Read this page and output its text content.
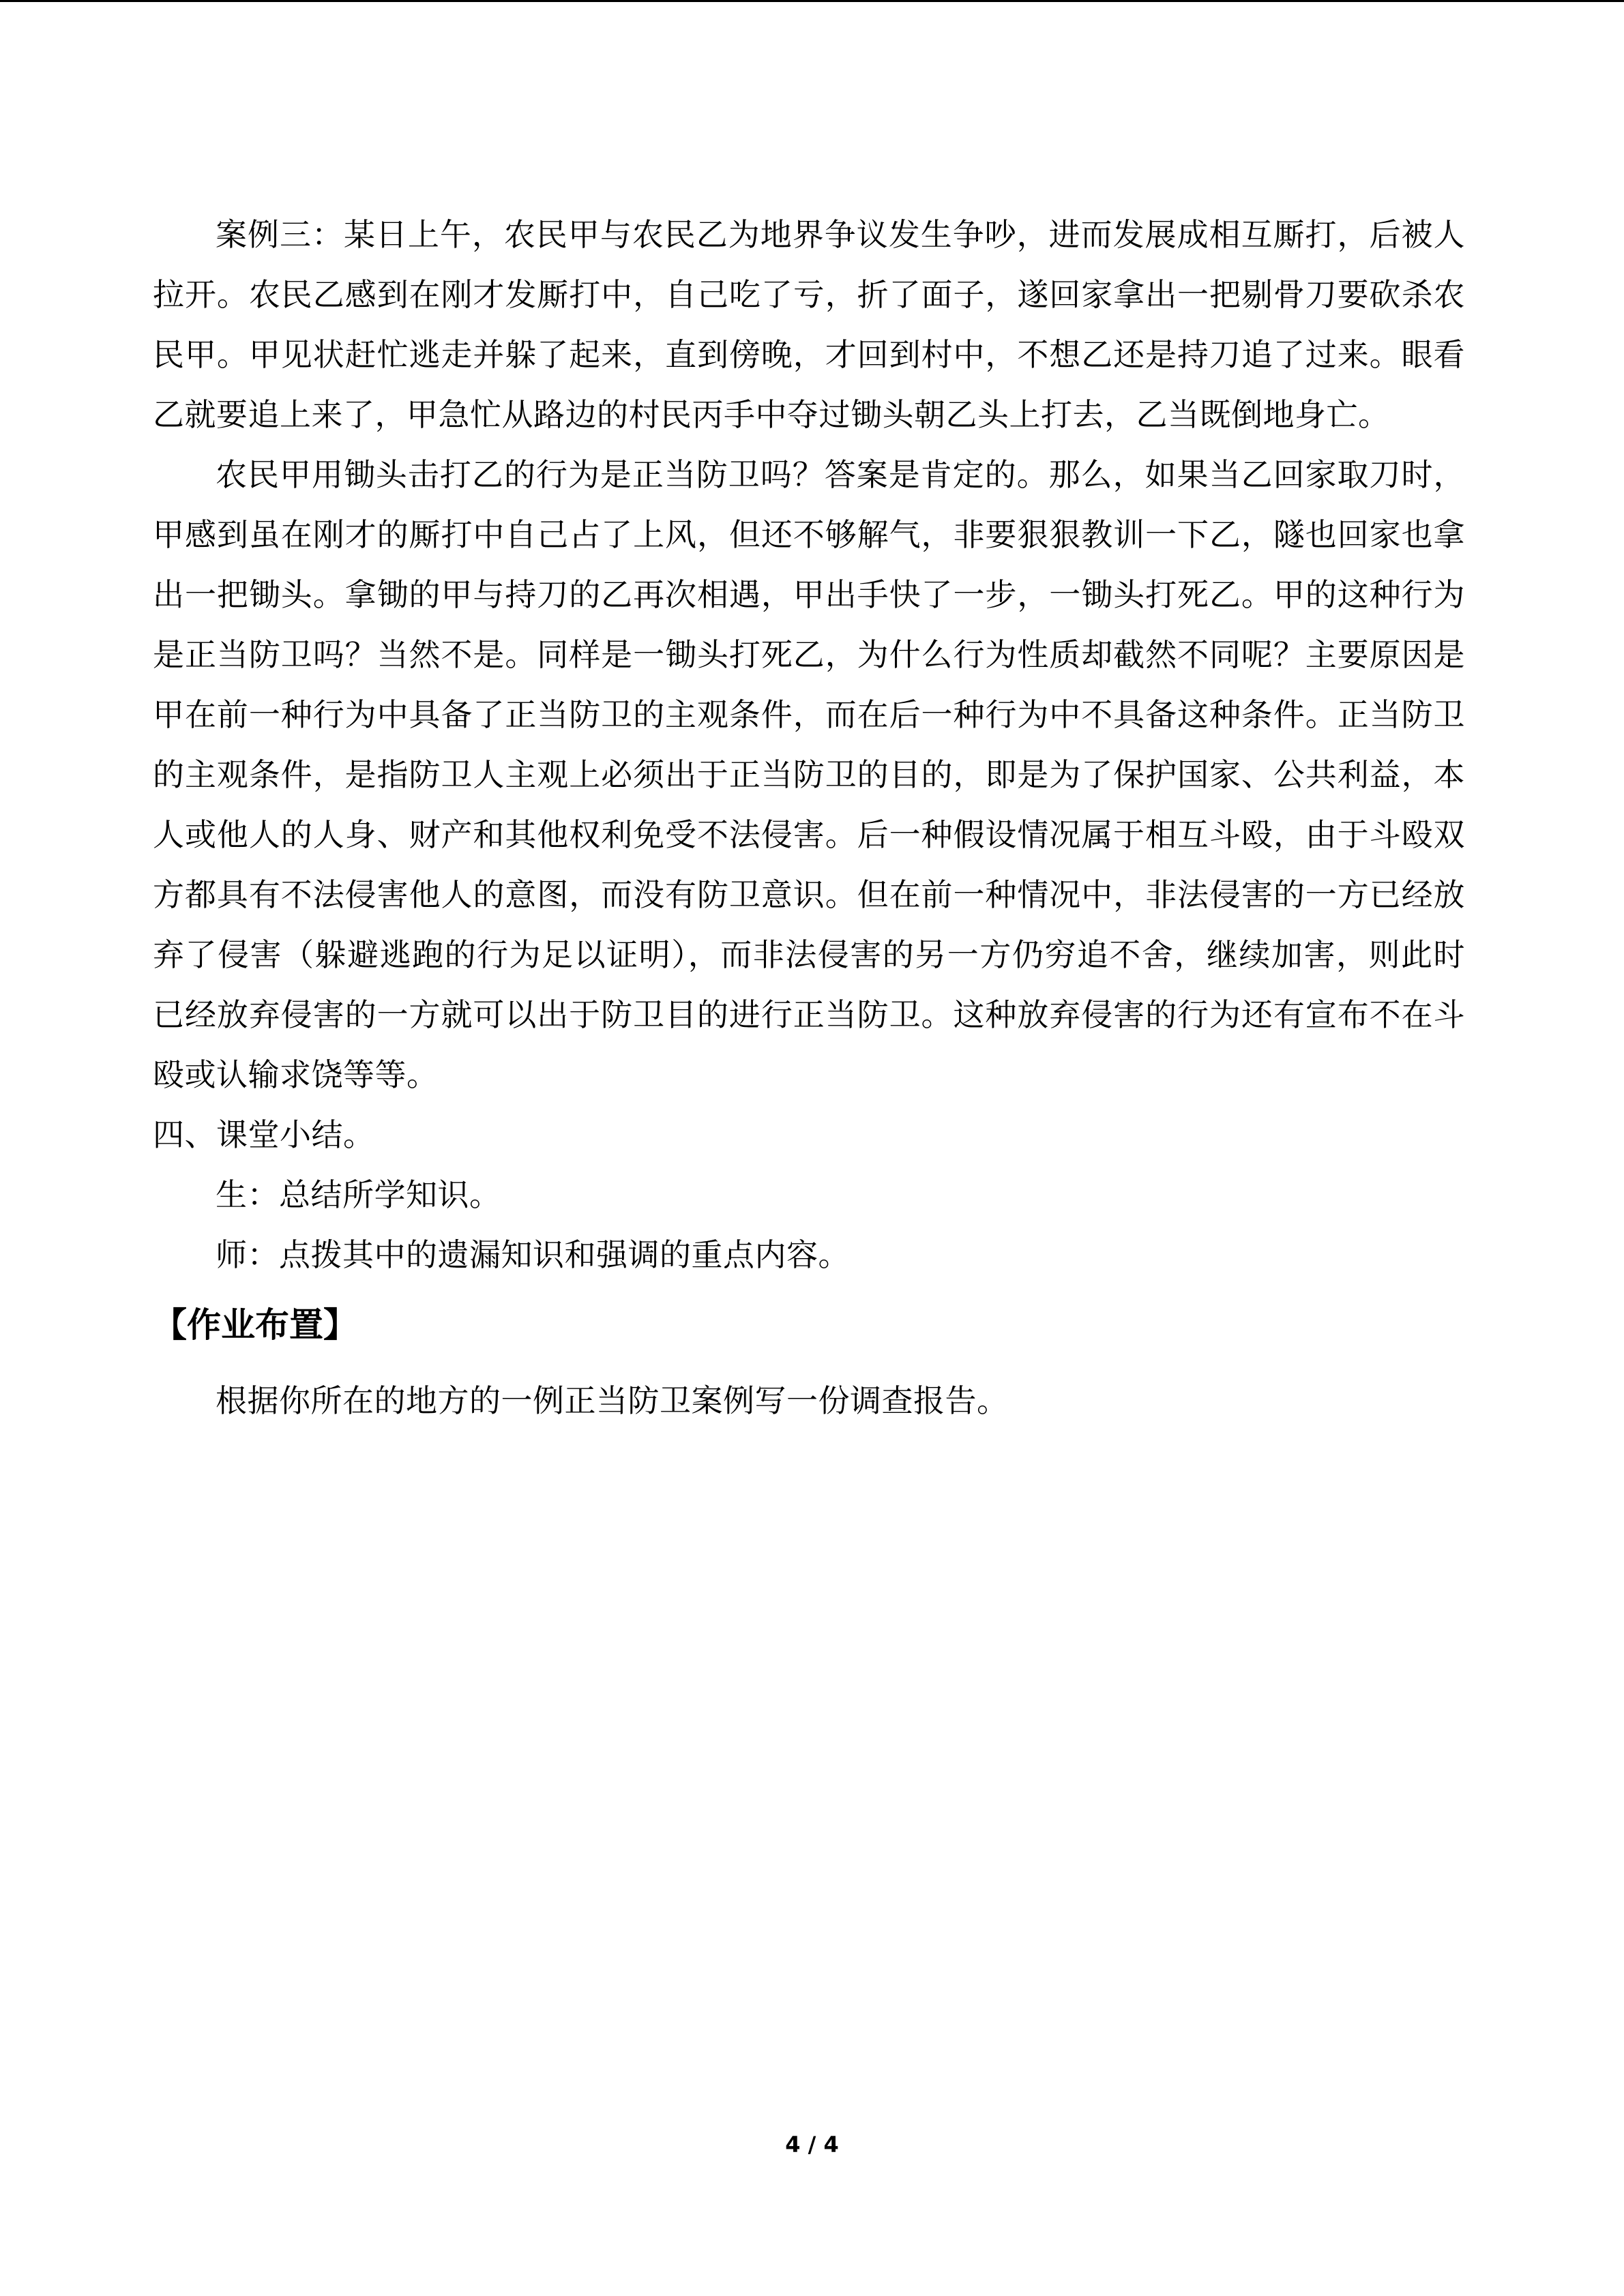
案例三：某日上午，农民甲与农民乙为地界争议发生争吵，进而发展成相互厮打，后被人拉开。农民乙感到在刚才发厮打中，自己吃了亏，折了面子，遂回家拿出一把剔骨刀要砍杀农民甲。甲见状赶忙逃走并躲了起来，直到傍晚，才回到村中，不想乙还是持刀追了过来。眼看乙就要追上来了，甲急忙从路边的村民丙手中夺过锄头朝乙头上打去，乙当既倒地身亡。

农民甲用锄头击打乙的行为是正当防卫吗？答案是肯定的。那么，如果当乙回家取刀时，甲感到虽在刚才的厮打中自己占了上风，但还不够解气，非要狠狠教训一下乙，隧也回家也拿出一把锄头。拿锄的甲与持刀的乙再次相遇，甲出手快了一步，一锄头打死乙。甲的这种行为是正当防卫吗？当然不是。同样是一锄头打死乙，为什么行为性质却截然不同呢？主要原因是甲在前一种行为中具备了正当防卫的主观条件，而在后一种行为中不具备这种条件。正当防卫的主观条件，是指防卫人主观上必须出于正当防卫的目的，即是为了保护国家、公共利益，本人或他人的人身、财产和其他权利免受不法侵害。后一种假设情况属于相互斗殴，由于斗殴双方都具有不法侵害他人的意图，而没有防卫意识。但在前一种情况中，非法侵害的一方已经放弃了侵害（躲避逃跑的行为足以证明），而非法侵害的另一方仍穷追不舍，继续加害，则此时已经放弃侵害的一方就可以出于防卫目的进行正当防卫。这种放弃侵害的行为还有宣布不在斗殴或认输求饶等等。

四、课堂小结。

生：总结所学知识。

师：点拨其中的遗漏知识和强调的重点内容。

【作业布置】

根据你所在的地方的一例正当防卫案例写一份调查报告。

4 / 4
